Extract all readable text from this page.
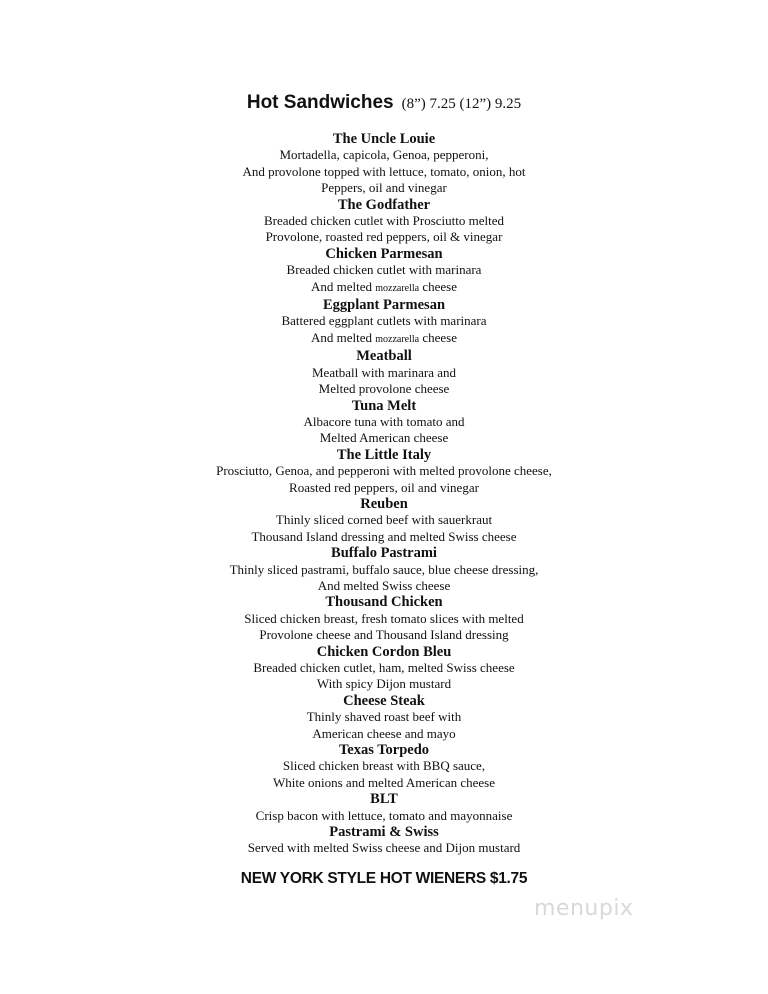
Hot Sandwiches (8”) 7.25 (12”) 9.25
The Uncle Louie
Mortadella, capicola, Genoa, pepperoni,
And provolone topped with lettuce, tomato, onion, hot
Peppers, oil and vinegar
The Godfather
Breaded chicken cutlet with Prosciutto melted
Provolone, roasted red peppers, oil & vinegar
Chicken Parmesan
Breaded chicken cutlet with marinara
And melted mozzarella cheese
Eggplant Parmesan
Battered eggplant cutlets with marinara
And melted mozzarella cheese
Meatball
Meatball with marinara and
Melted provolone cheese
Tuna Melt
Albacore tuna with tomato and
Melted American cheese
The Little Italy
Prosciutto, Genoa, and pepperoni with melted provolone cheese,
Roasted red peppers, oil and vinegar
Reuben
Thinly sliced corned beef with sauerkraut
Thousand Island dressing and melted Swiss cheese
Buffalo Pastrami
Thinly sliced pastrami, buffalo sauce, blue cheese dressing,
And melted Swiss cheese
Thousand Chicken
Sliced chicken breast, fresh tomato slices with melted
Provolone cheese and Thousand Island dressing
Chicken Cordon Bleu
Breaded chicken cutlet, ham, melted Swiss cheese
With spicy Dijon mustard
Cheese Steak
Thinly shaved roast beef with
American cheese and mayo
Texas Torpedo
Sliced chicken breast with BBQ sauce,
White onions and melted American cheese
BLT
Crisp bacon with lettuce, tomato and mayonnaise
Pastrami & Swiss
Served with melted Swiss cheese and Dijon mustard
NEW YORK STYLE HOT WIENERS $1.75
menupix
